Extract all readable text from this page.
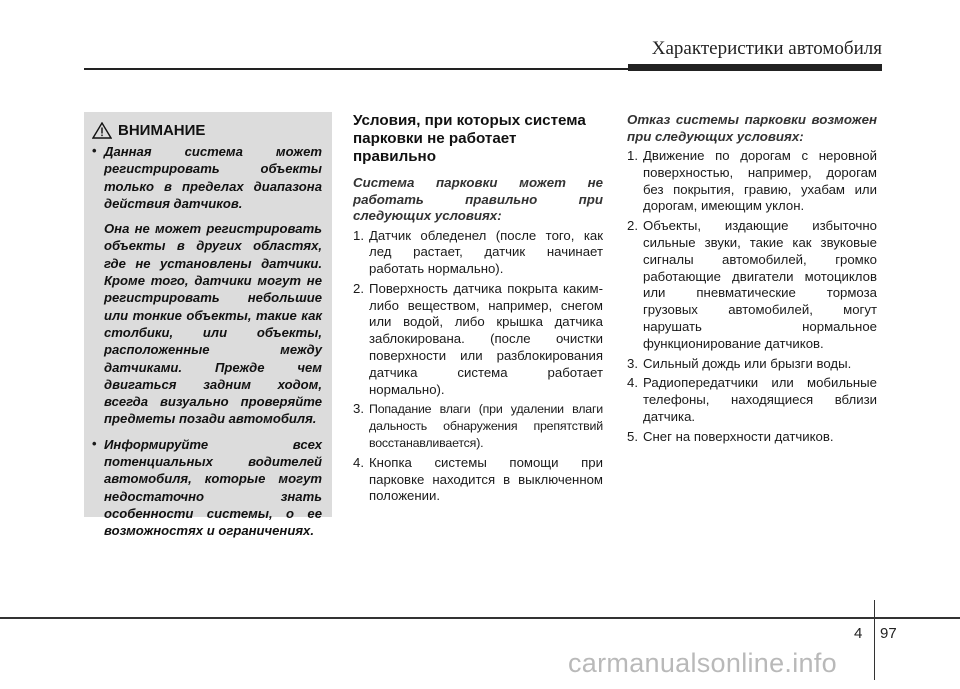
Характеристики автомобиля
ВНИМАНИЕ

• Данная система может регистрировать объекты только в пределах диапазона действия датчиков.

Она не может регистрировать объекты в других областях, где не установлены датчики. Кроме того, датчики могут не регистрировать небольшие или тонкие объекты, такие как столбики, или объекты, расположенные между датчиками. Прежде чем двигаться задним ходом, всегда визуально проверяйте предметы позади автомобиля.

• Информируйте всех потенциальных водителей автомобиля, которые могут недостаточно знать особенности системы, о ее возможностях и ограничениях.

Условия, при которых система парковки не работает правильно

Система парковки может не работать правильно при следующих условиях:

1. Датчик обледенел (после того, как лед растает, датчик начинает работать нормально).
2. Поверхность датчика покрыта каким-либо веществом, например, снегом или водой, либо крышка датчика заблокирована. (после очистки поверхности или разблокирования датчика система работает нормально).
3. Попадание влаги (при удалении влаги дальность обнаружения препятствий восстанавливается).
4. Кнопка системы помощи при парковке находится в выключенном положении.

Отказ системы парковки возможен при следующих условиях:

1. Движение по дорогам с неровной поверхностью, например, дорогам без покрытия, гравию, ухабам или дорогам, имеющим уклон.
2. Объекты, издающие избыточно сильные звуки, такие как звуковые сигналы автомобилей, громко работающие двигатели мотоциклов или пневматические тормоза грузовых автомобилей, могут нарушать нормальное функционирование датчиков.
3. Сильный дождь или брызги воды.
4. Радиопередатчики или мобильные телефоны, находящиеся вблизи датчика.
5. Снег на поверхности датчиков.
4 97
carmanualsonline.info
